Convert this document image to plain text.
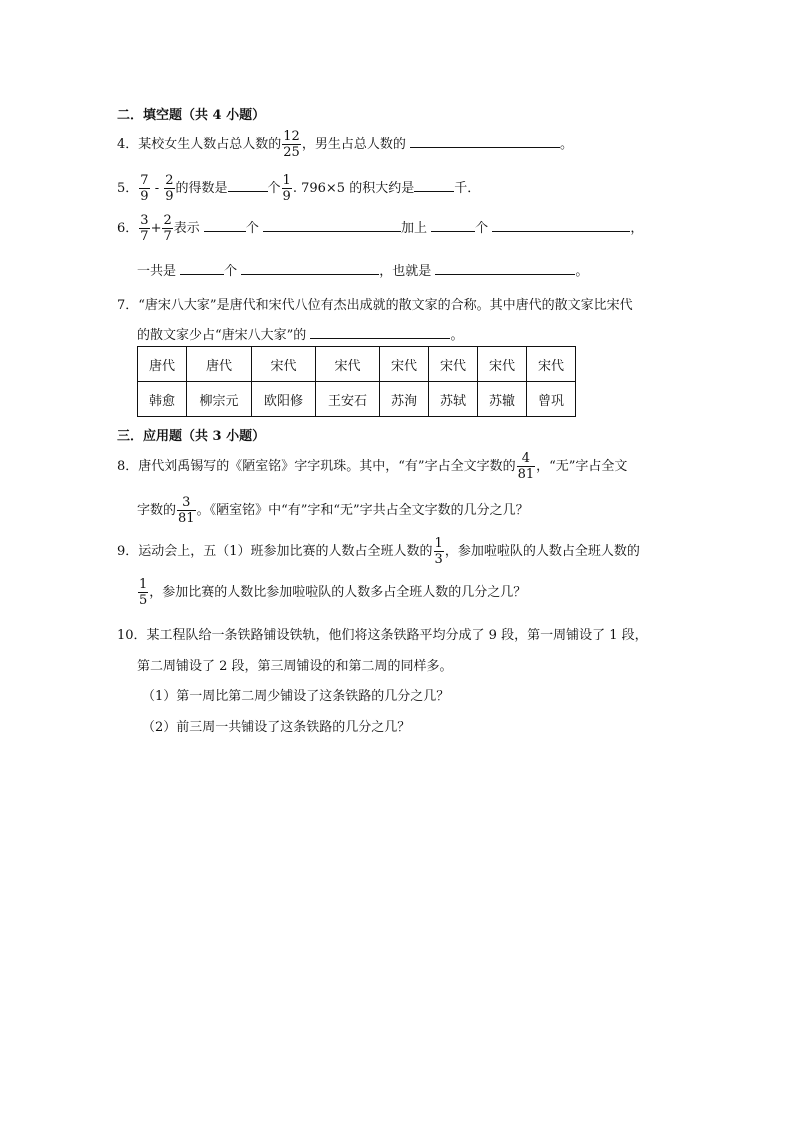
二．填空题（共 4 小题）
4．某校女生人数占总人数的 $\frac{12}{25}$ ，男生占总人数的	。
5． $\frac{7}{9} - \frac{2}{9}$ 的得数是	个 $\frac{1}{9}$ . 796×5 的积大约是	千．
6． $\frac{3}{7} + \frac{2}{7}$ 表示	个	加上	个	，
一共是	个	，也就是	。
7．“唐宋八大家”是唐代和宋代八位有杰出成就的散文家的合称。其中唐代的散文家比宋代
的散文家少占“唐宋八大家”的	。
唐代	唐代	宋代	宋代	宋代	宋代	宋代	宋代
韩愈	柳宗元	欧阳修	王安石	苏洵	苏轼	苏辙	曾巩
三．应用题（共 3 小题）
8．唐代刘禹锡写的《陋室铭》字字玑珠。其中，“有”字占全文字数的 $\frac{4}{81}$ ，“无”字占全文
字数的 $\frac{3}{81}$ 。《陋室铭》中“有”字和“无”字共占全文字数的几分之几？
9．运动会上，五（1）班参加比赛的人数占全班人数的 $\frac{1}{3}$ ，参加啦啦队的人数占全班人数的
$\frac{1}{5}$ ，参加比赛的人数比参加啦啦队的人数多占全班人数的几分之几？
10．某工程队给一条铁路铺设铁轨，他们将这条铁路平均分成了 9 段，第一周铺设了 1 段，
第二周铺设了 2 段，第三周铺设的和第二周的同样多。
（1）第一周比第二周少铺设了这条铁路的几分之几？
（2）前三周一共铺设了这条铁路的几分之几？
